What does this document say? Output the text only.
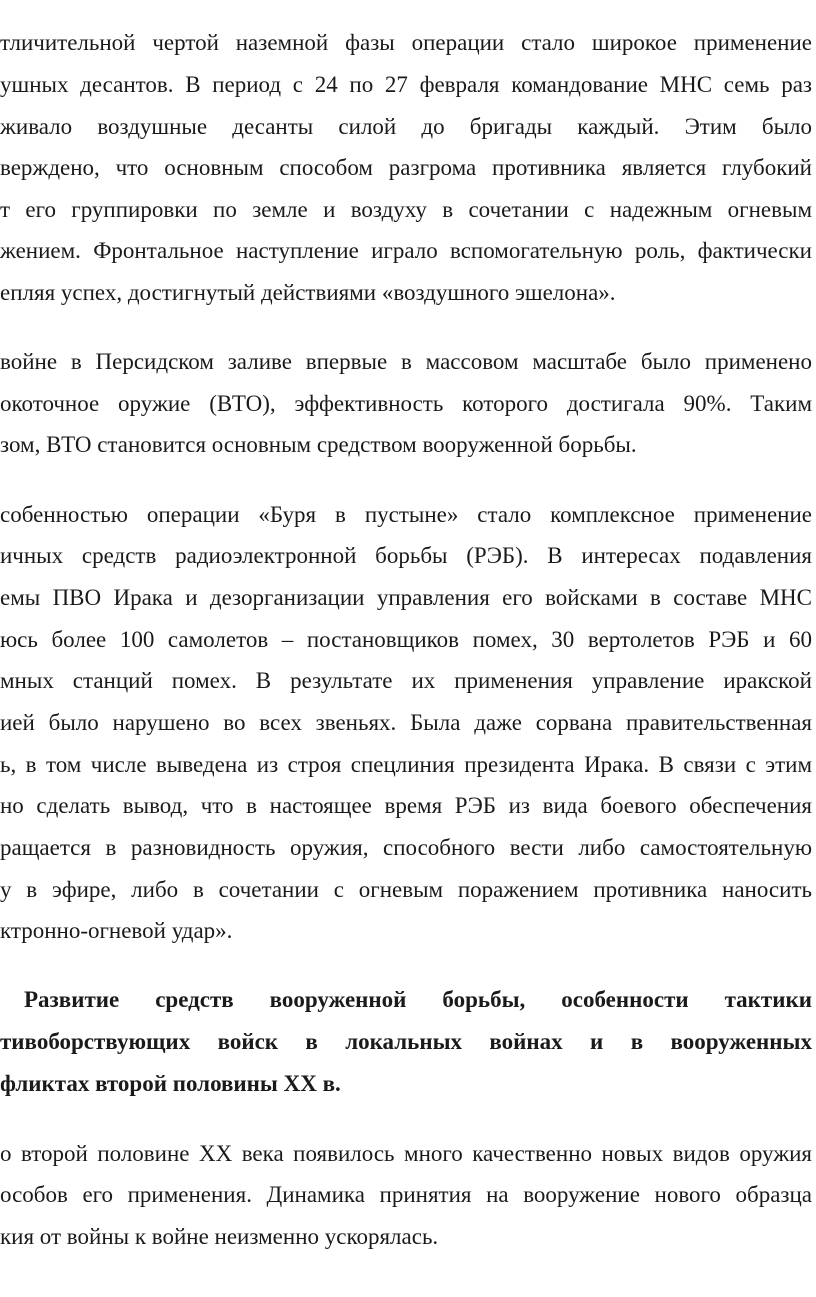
тличительной чертой наземной фазы операции стало широкое применение
ушных десантов. В период с 24 по 27 февраля командование МНС семь раз
живало воздушные десанты силой до бригады каждый. Этим было
верждено, что основным способом разгрома противника является глубокий
т его группировки по земле и воздуху в сочетании с надежным огневым
жением. Фронтальное наступление играло вспомогательную роль, фактически
епляя успех, достигнутый действиями «воздушного эшелона».
войне в Персидском заливе впервые в массовом масштабе было применено
окоточное оружие (ВТО), эффективность которого достигала 90%. Таким
зом, ВТО становится основным средством вооруженной борьбы.
собенностью операции «Буря в пустыне» стало комплексное применение
ичных средств радиоэлектронной борьбы (РЭБ). В интересах подавления
емы ПВО Ирака и дезорганизации управления его войсками в составе МНС
юсь более 100 самолетов – постановщиков помех, 30 вертолетов РЭБ и 60
мных станций помех. В результате их применения управление иракской
ией было нарушено во всех звеньях. Была даже сорвана правительственная
ь, в том числе выведена из строя спецлиния президента Ирака. В связи с этим
но сделать вывод, что в настоящее время РЭБ из вида боевого обеспечения
ращается в разновидность оружия, способного вести либо самостоятельную
у в эфире, либо в сочетании с огневым поражением противника наносить
ктронно-огневой удар».
Развитие средств вооруженной борьбы, особенности тактики
тивоборствующих войск в локальных войнах и в вооруженных
фликтах второй половины XX в.
о второй половине XX века появилось много качественно новых видов оружия
особов его применения. Динамика принятия на вооружение нового образца
кия от войны к войне неизменно ускорялась.
